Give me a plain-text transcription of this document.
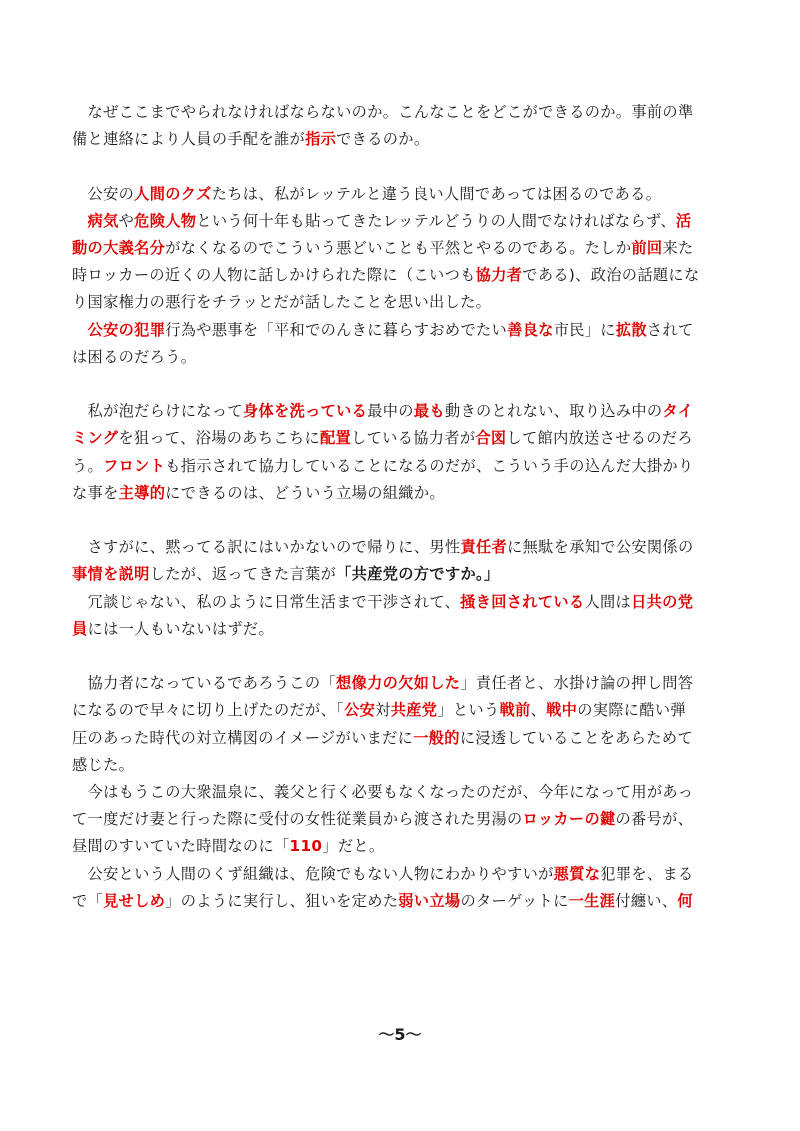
　なぜここまでやられなければならないのか。こんなことをどこができるのか。事前の準
備と連絡により人員の手配を誰が指示できるのか。
　公安の人間のクズたちは、私がレッテルと違う良い人間であっては困るのである。
　病気や危険人物という何十年も貼ってきたレッテルどうりの人間でなければならず、活
動の大義名分がなくなるのでこういう悪どいことも平然とやるのである。たしか前回来た
時ロッカーの近くの人物に話しかけられた際に（こいつも協力者である)、政治の話題にな
り国家権力の悪行をチラッとだが話したことを思い出した。
　公安の犯罪行為や悪事を「平和でのんきに暮らすおめでたい善良な市民」に拡散されて
は困るのだろう。
　私が泡だらけになって身体を洗っている最中の最も動きのとれない、取り込み中のタイ
ミングを狙って、浴場のあちこちに配置している協力者が合図して館内放送させるのだろ
う。フロントも指示されて協力していることになるのだが、こういう手の込んだ大掛かり
な事を主導的にできるのは、どういう立場の組織か。
　さすがに、黙ってる訳にはいかないので帰りに、男性責任者に無駄を承知で公安関係の
事情を説明したが、返ってきた言葉が「共産党の方ですか。」
　冗談じゃない、私のように日常生活まで干渉されて、掻き回されている人間は日共の党
員には一人もいないはずだ。
　協力者になっているであろうこの「想像力の欠如した」責任者と、水掛け論の押し問答
になるので早々に切り上げたのだが、「公安対共産党」という戦前、戦中の実際に酷い弾
圧のあった時代の対立構図のイメージがいまだに一般的に浸透していることをあらためて
感じた。
　今はもうこの大衆温泉に、義父と行く必要もなくなったのだが、今年になって用があっ
て一度だけ妻と行った際に受付の女性従業員から渡された男湯のロッカーの鍵の番号が、
昼間のすいていた時間なのに「110」だと。
　公安という人間のくず組織は、危険でもない人物にわかりやすいが悪質な犯罪を、まる
で「見せしめ」のように実行し、狙いを定めた弱い立場のターゲットに一生涯付纏い、何
～5～
